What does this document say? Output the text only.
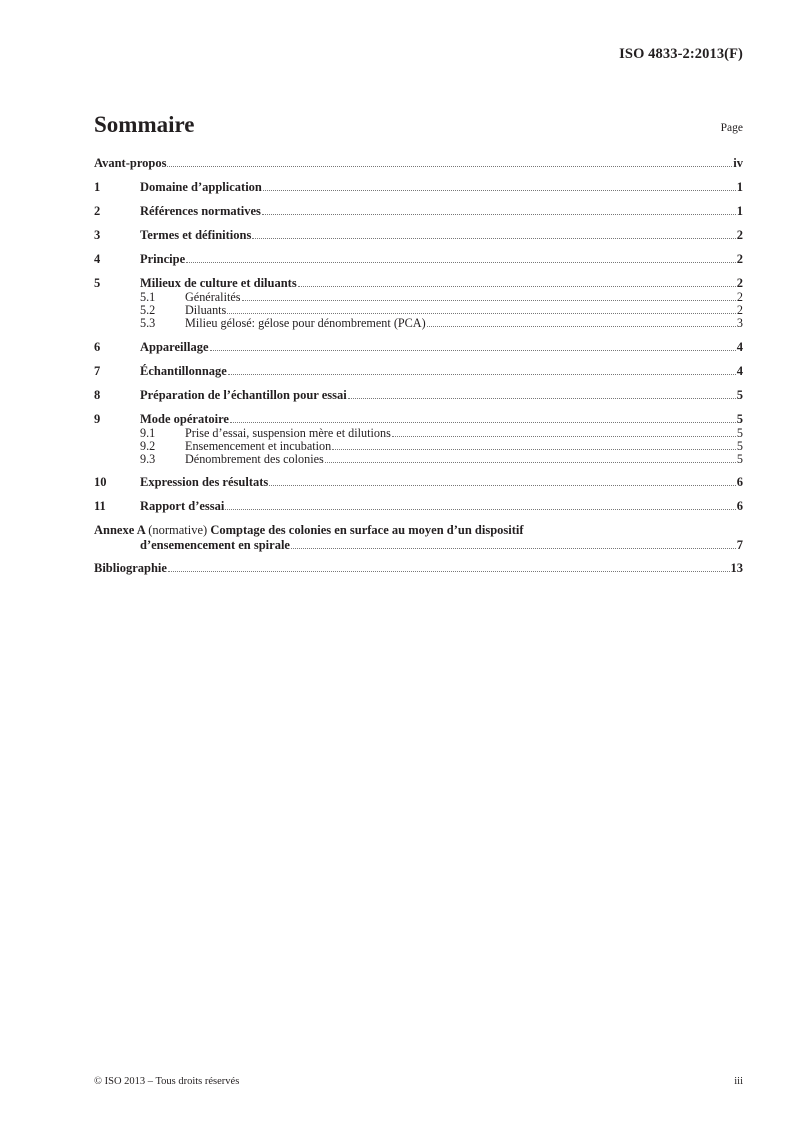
ISO 4833-2:2013(F)
Sommaire	Page
Avant-propos	iv
1	Domaine d’application	1
2	Références normatives	1
3	Termes et définitions	2
4	Principe	2
5	Milieux de culture et diluants	2
5.1	Généralités	2
5.2	Diluants	2
5.3	Milieu gélosé: gélose pour dénombrement (PCA)	3
6	Appareillage	4
7	Échantillonnage	4
8	Préparation de l’échantillon pour essai	5
9	Mode opératoire	5
9.1	Prise d’essai, suspension mère et dilutions	5
9.2	Ensemencement et incubation	5
9.3	Dénombrement des colonies	5
10	Expression des résultats	6
11	Rapport d’essai	6
Annexe A (normative) Comptage des colonies en surface au moyen d’un dispositif
d’ensemencement en spirale	7
Bibliographie	13
© ISO 2013 – Tous droits réservés	iii
